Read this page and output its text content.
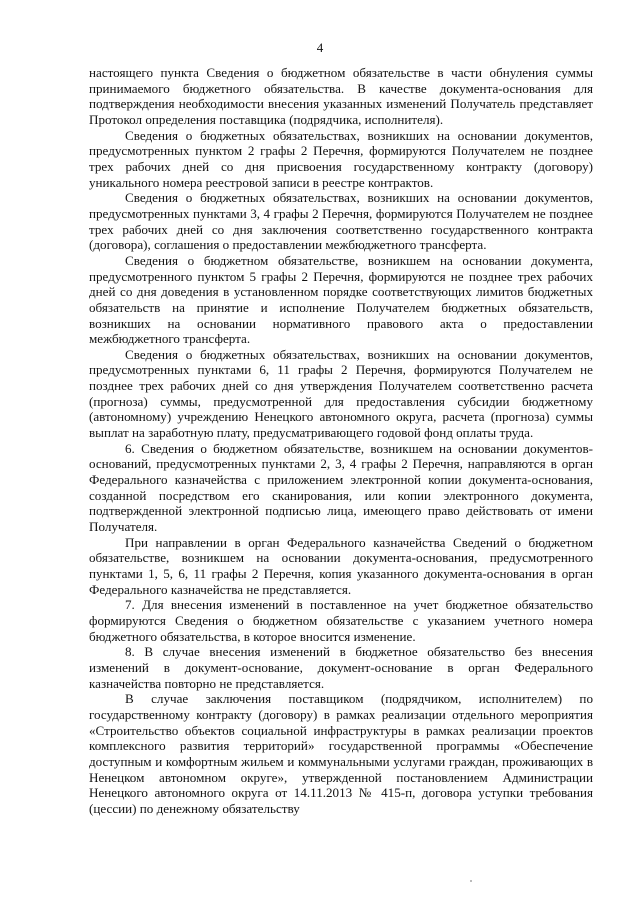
4

настоящего пункта Сведения о бюджетном обязательстве в части обнуления суммы принимаемого бюджетного обязательства. В качестве документа-основания для подтверждения необходимости внесения указанных изменений Получатель представляет Протокол определения поставщика (подрядчика, исполнителя).

Сведения о бюджетных обязательствах, возникших на основании документов, предусмотренных пунктом 2 графы 2 Перечня, формируются Получателем не позднее трех рабочих дней со дня присвоения государственному контракту (договору) уникального номера реестровой записи в реестре контрактов.

Сведения о бюджетных обязательствах, возникших на основании документов, предусмотренных пунктами 3, 4 графы 2 Перечня, формируются Получателем не позднее трех рабочих дней со дня заключения соответственно государственного контракта (договора), соглашения о предоставлении межбюджетного трансферта.

Сведения о бюджетном обязательстве, возникшем на основании документа, предусмотренного пунктом 5 графы 2 Перечня, формируются не позднее трех рабочих дней со дня доведения в установленном порядке соответствующих лимитов бюджетных обязательств на принятие и исполнение Получателем бюджетных обязательств, возникших на основании нормативного правового акта о предоставлении межбюджетного трансферта.

Сведения о бюджетных обязательствах, возникших на основании документов, предусмотренных пунктами 6, 11 графы 2 Перечня, формируются Получателем не позднее трех рабочих дней со дня утверждения Получателем соответственно расчета (прогноза) суммы, предусмотренной для предоставления субсидии бюджетному (автономному) учреждению Ненецкого автономного округа, расчета (прогноза) суммы выплат на заработную плату, предусматривающего годовой фонд оплаты труда.

6. Сведения о бюджетном обязательстве, возникшем на основании документов-оснований, предусмотренных пунктами 2, 3, 4 графы 2 Перечня, направляются в орган Федерального казначейства с приложением электронной копии документа-основания, созданной посредством его сканирования, или копии электронного документа, подтвержденной электронной подписью лица, имеющего право действовать от имени Получателя.

При направлении в орган Федерального казначейства Сведений о бюджетном обязательстве, возникшем на основании документа-основания, предусмотренного пунктами 1, 5, 6, 11 графы 2 Перечня, копия указанного документа-основания в орган Федерального казначейства не представляется.

7. Для внесения изменений в поставленное на учет бюджетное обязательство формируются Сведения о бюджетном обязательстве с указанием учетного номера бюджетного обязательства, в которое вносится изменение.

8. В случае внесения изменений в бюджетное обязательство без внесения изменений в документ-основание, документ-основание в орган Федерального казначейства повторно не представляется.

В случае заключения поставщиком (подрядчиком, исполнителем) по государственному контракту (договору) в рамках реализации отдельного мероприятия «Строительство объектов социальной инфраструктуры в рамках реализации проектов комплексного развития территорий» государственной программы «Обеспечение доступным и комфортным жильем и коммунальными услугами граждан, проживающих в Ненецком автономном округе», утвержденной постановлением Администрации Ненецкого автономного округа от 14.11.2013 № 415-п, договора уступки требования (цессии) по денежному обязательству
